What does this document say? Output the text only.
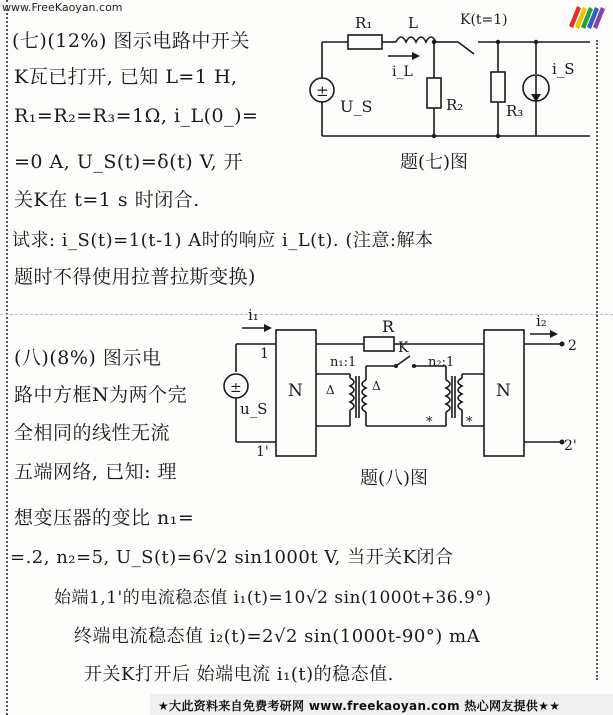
www.FreeKaoyan.com
(七)(12%) 图示电路中开关
K瓦已打开, 已知 L=1 H,
R₁=R₂=R₃=1Ω, i_L(0_)=
=0 A, U_S(t)=δ(t) V, 开
关K在 t=1 s 时闭合.
试求: i_S(t)=1(t-1) A时的响应 i_L(t). (注意:解本
题时不得使用拉普拉斯变换)
R₁ L	K(t=1)
i_L
±
U_S	R₂	R₃
i_S
题(七)图
(八)(8%) 图示电
路中方框N为两个完
全相同的线性无流
五端网络, 已知: 理
想变压器的变比 n₁=
=.2, n₂=5, U_S(t)=6√2 sin1000t V, 当开关K闭合
始端1,1'的电流稳态值 i₁(t)=10√2 sin(1000t+36.9°)
终端电流稳态值 i₂(t)=2√2 sin(1000t-90°) mA
开关K打开后 始端电流 i₁(t)的稳态值.
i₁	i₂
R
N	N
n₁:1	n₂:1
K
±
u_S
1
1'
2
2'
Δ	Δ
*	*
题(八)图
★大此资料来自免费考研网 www.freekaoyan.com 热心网友提供★★
